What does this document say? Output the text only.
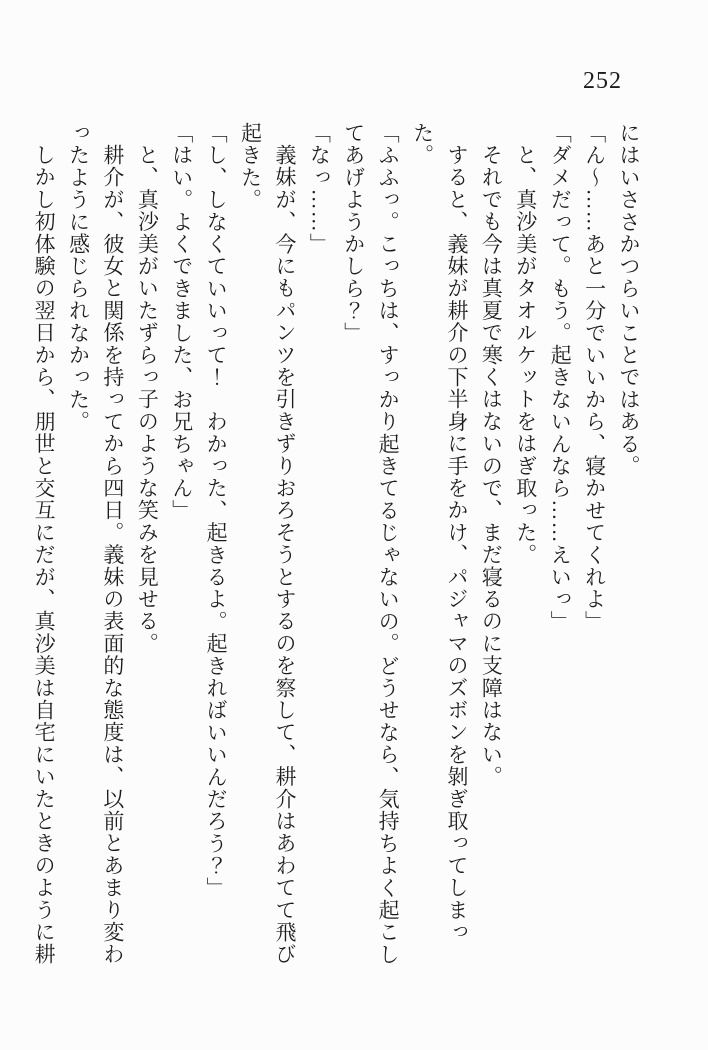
252

にはいささかつらいことではある。

「ん～……あと一分でいいから、寝かせてくれよ」

「ダメだって。もう。起きないんなら……えいっ」

と、真沙美がタオルケットをはぎ取った。

それでも今は真夏で寒くはないので、まだ寝るのに支障はない。

すると、義妹が耕介の下半身に手をかけ、パジャマのズボンを剝ぎ取ってしまった。

「ふふっ。こっちは、すっかり起きてるじゃないの。どうせなら、気持ちよく起こしてあげようかしら？」

「なっ……」

義妹が、今にもパンツを引きずりおろそうとするのを察して、耕介はあわてて飛び起きた。

「し、しなくていいって！　わかった、起きるよ。起きればいいんだろう？」

「はい。よくできました、お兄ちゃん」

と、真沙美がいたずらっ子のような笑みを見せる。

耕介が、彼女と関係を持ってから四日。義妹の表面的な態度は、以前とあまり変わったように感じられなかった。

しかし初体験の翌日から、朋世と交互にだが、真沙美は自宅にいたときのように耕
